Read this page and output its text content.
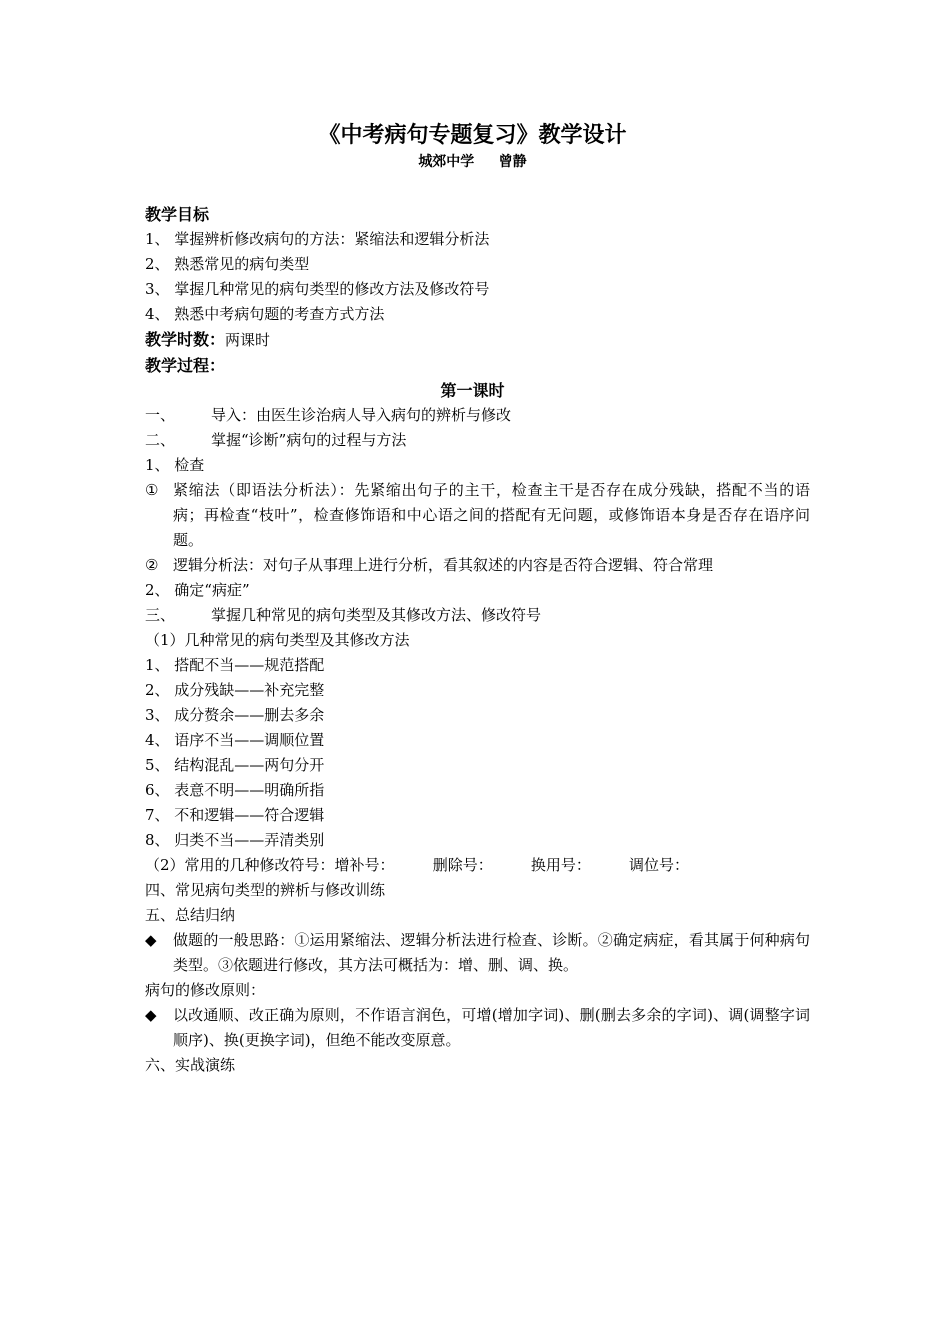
《中考病句专题复习》教学设计
城郊中学     曾静
教学目标
1、 掌握辨析修改病句的方法：紧缩法和逻辑分析法
2、 熟悉常见的病句类型
3、 掌握几种常见的病句类型的修改方法及修改符号
4、 熟悉中考病句题的考查方式方法
教学时数：两课时
教学过程：
第一课时
一、	导入：由医生诊治病人导入病句的辨析与修改
二、	掌握“诊断”病句的过程与方法
1、 检查
① 紧缩法（即语法分析法）：先紧缩出句子的主干，检查主干是否存在成分残缺，搭配不当的语病；再检查“枝叶”，检查修饰语和中心语之间的搭配有无问题，或修饰语本身是否存在语序问题。
② 逻辑分析法：对句子从事理上进行分析，看其叙述的内容是否符合逻辑、符合常理
2、 确定“病症”
三、	掌握几种常见的病句类型及其修改方法、修改符号
（1）几种常见的病句类型及其修改方法
1、 搭配不当——规范搭配
2、 成分残缺——补充完整
3、 成分赘余——删去多余
4、 语序不当——调顺位置
5、 结构混乱——两句分开
6、 表意不明——明确所指
7、 不和逻辑——符合逻辑
8、 归类不当——弄清类别
（2）常用的几种修改符号：增补号：        删除号：        换用号：        调位号：
四、常见病句类型的辨析与修改训练
五、总结归纳
◆	做题的一般思路：①运用紧缩法、逻辑分析法进行检查、诊断。②确定病症，看其属于何种病句类型。③依题进行修改，其方法可概括为：增、删、调、换。
病句的修改原则：
◆	以改通顺、改正确为原则，不作语言润色，可增(增加字词)、删(删去多余的字词)、调(调整字词顺序)、换(更换字词)，但绝不能改变原意。
六、实战演练
